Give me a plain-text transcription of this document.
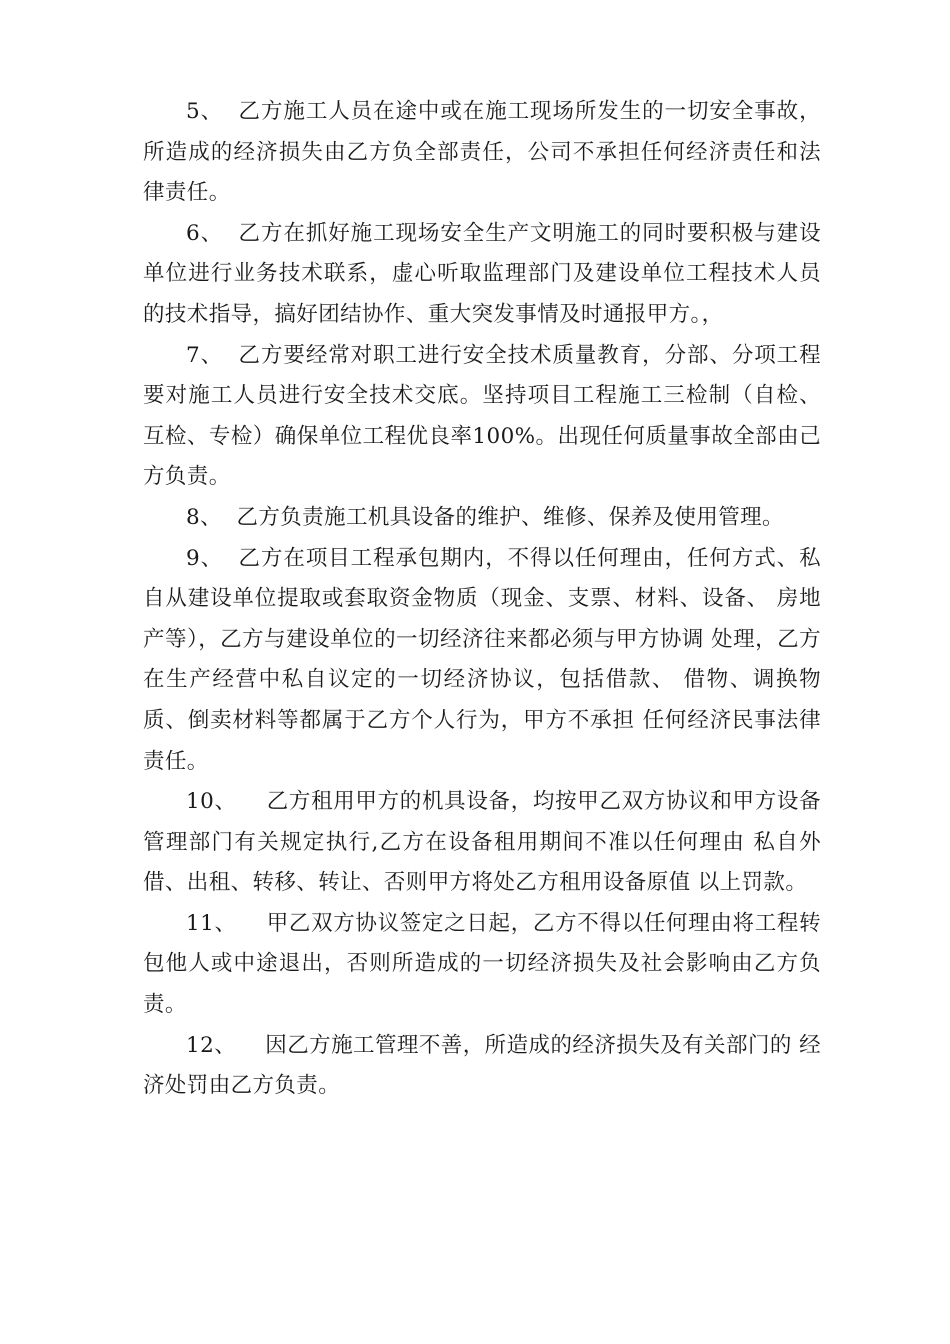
5、 乙方施工人员在途中或在施工现场所发生的一切安全事故，所造成的经济损失由乙方负全部责任，公司不承担任何经济责任和法律责任。

6、 乙方在抓好施工现场安全生产文明施工的同时要积极与建设单位进行业务技术联系，虚心听取监理部门及建设单位工程技术人员的技术指导，搞好团结协作、重大突发事情及时通报甲方。，

7、 乙方要经常对职工进行安全技术质量教育，分部、分项工程要对施工人员进行安全技术交底。坚持项目工程施工三检制（自检、互检、专检）确保单位工程优良率100%。出现任何质量事故全部由己方负责。

8、 乙方负责施工机具设备的维护、维修、保养及使用管理。

9、 乙方在项目工程承包期内，不得以任何理由，任何方式、私自从建设单位提取或套取资金物质（现金、支票、材料、设备、 房地产等），乙方与建设单位的一切经济往来都必须与甲方协调 处理，乙方在生产经营中私自议定的一切经济协议，包括借款、 借物、调换物质、倒卖材料等都属于乙方个人行为，甲方不承担 任何经济民事法律责任。

10、 乙方租用甲方的机具设备，均按甲乙双方协议和甲方设备管理部门有关规定执行,乙方在设备租用期间不准以任何理由 私自外借、出租、转移、转让、否则甲方将处乙方租用设备原值 以上罚款。

11、 甲乙双方协议签定之日起，乙方不得以任何理由将工程转包他人或中途退出，否则所造成的一切经济损失及社会影响由乙方负责。

12、 因乙方施工管理不善，所造成的经济损失及有关部门的 经济处罚由乙方负责。
